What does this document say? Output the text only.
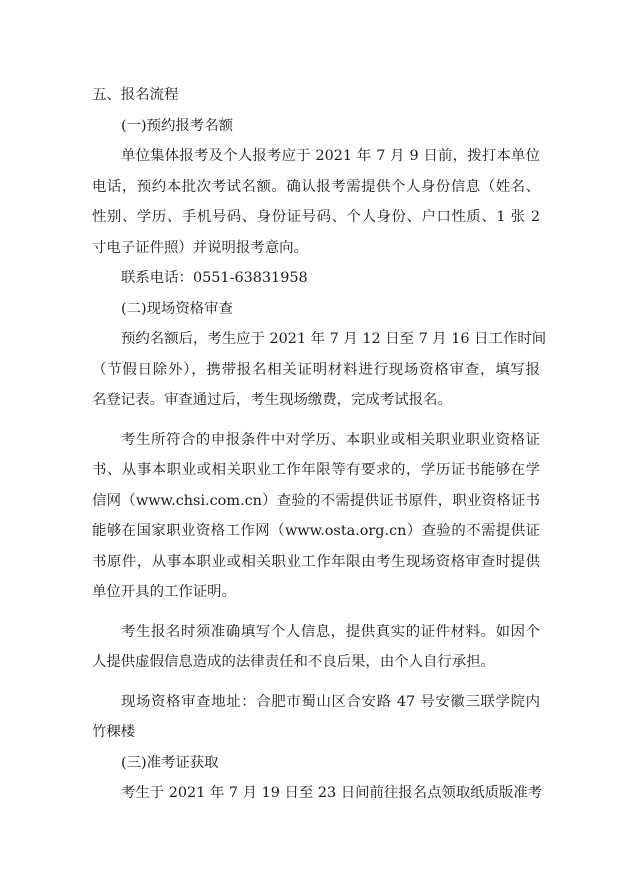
五、报名流程
(一)预约报考名额
单位集体报考及个人报考应于 2021 年 7 月 9 日前，拨打本单位
电话，预约本批次考试名额。确认报考需提供个人身份信息（姓名、
性别、学历、手机号码、身份证号码、个人身份、户口性质、1 张 2
寸电子证件照）并说明报考意向。
联系电话：0551-63831958
(二)现场资格审查
预约名额后，考生应于 2021 年 7 月 12 日至 7 月 16 日工作时间
（节假日除外），携带报名相关证明材料进行现场资格审查，填写报
名登记表。审查通过后，考生现场缴费，完成考试报名。
考生所符合的申报条件中对学历、本职业或相关职业职业资格证
书、从事本职业或相关职业工作年限等有要求的，学历证书能够在学
信网（www.chsi.com.cn）查验的不需提供证书原件，职业资格证书
能够在国家职业资格工作网（www.osta.org.cn）查验的不需提供证
书原件，从事本职业或相关职业工作年限由考生现场资格审查时提供
单位开具的工作证明。
考生报名时须准确填写个人信息，提供真实的证件材料。如因个
人提供虚假信息造成的法律责任和不良后果，由个人自行承担。
现场资格审查地址：合肥市蜀山区合安路 47 号安徽三联学院内
竹稞楼
(三)准考证获取
考生于 2021 年 7 月 19 日至 23 日间前往报名点领取纸质版准考
